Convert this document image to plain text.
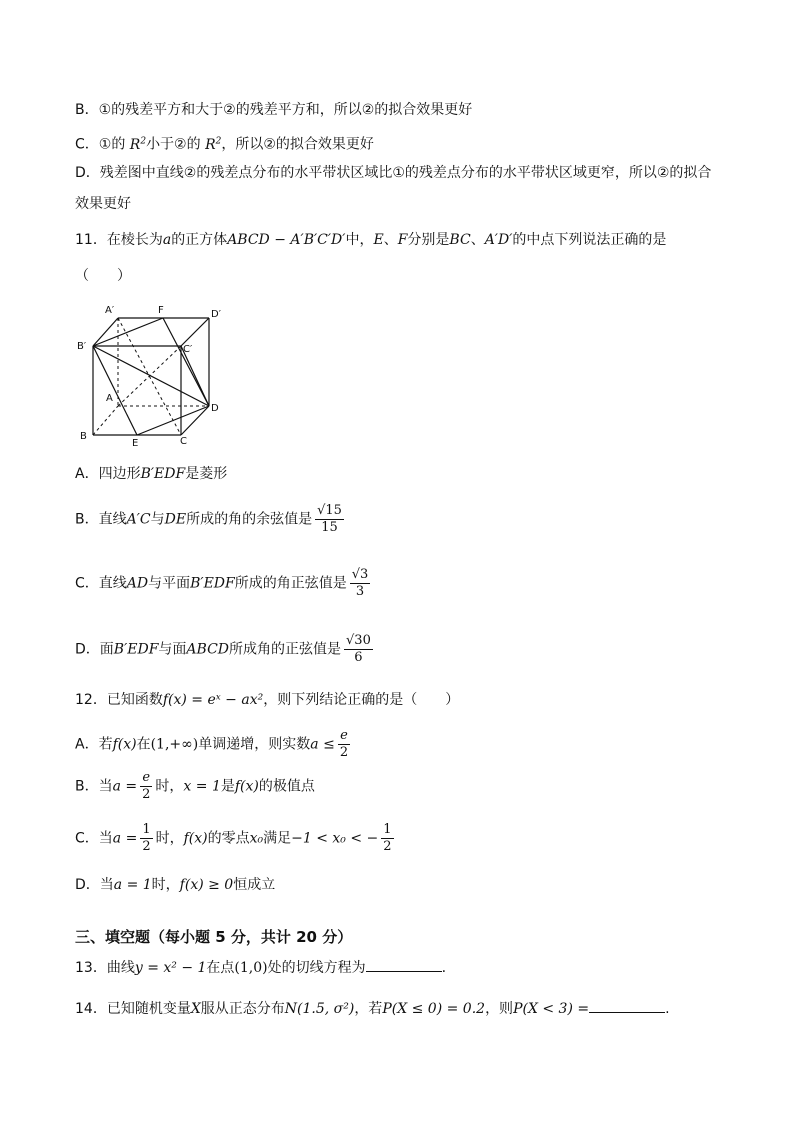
B．①的残差平方和大于②的残差平方和，所以②的拟合效果更好
C．①的 $R^2$小于②的 $R^2$，所以②的拟合效果更好
D．残差图中直线②的残差点分布的水平带状区域比①的残差点分布的水平带状区域更窄，所以②的拟合
效果更好
11．在棱长为a的正方体ABCD − A′B′C′D′中，E、F分别是BC、A′D′的中点下列说法正确的是
（　　）
A′	F	D′
B′	C′
A
D
B
E	C
A．四边形B′EDF是菱形
B．直线A′C与DE所成的角的余弦值是 $\frac{√15}{15}$
C．直线AD与平面B′EDF所成的角正弦值是 $\frac{√3}{3}$
D．面B′EDF与面ABCD所成角的正弦值是 $\frac{√30}{6}$
12．已知函数f(x) = eˣ − ax²，则下列结论正确的是（　　）
A．若f(x)在(1,+∞)单调递增，则实数$a \le \frac{e}{2}$
B．当$a = \frac{e}{2}$ 时，x = 1是f(x)的极值点
C．当$a = \frac{1}{2}$ 时，f(x)的零点x₀满足−1 < x₀ < − $\frac{1}{2}$
D．当a = 1时，f(x) ≥ 0恒成立
三、填空题（每小题 5 分，共计 20 分）
13．曲线y = x² − 1在点(1,0)处的切线方程为	.
14．已知随机变量X服从正态分布N(1.5, σ²)，若P(X ≤ 0) = 0.2，则P(X < 3) =	.
